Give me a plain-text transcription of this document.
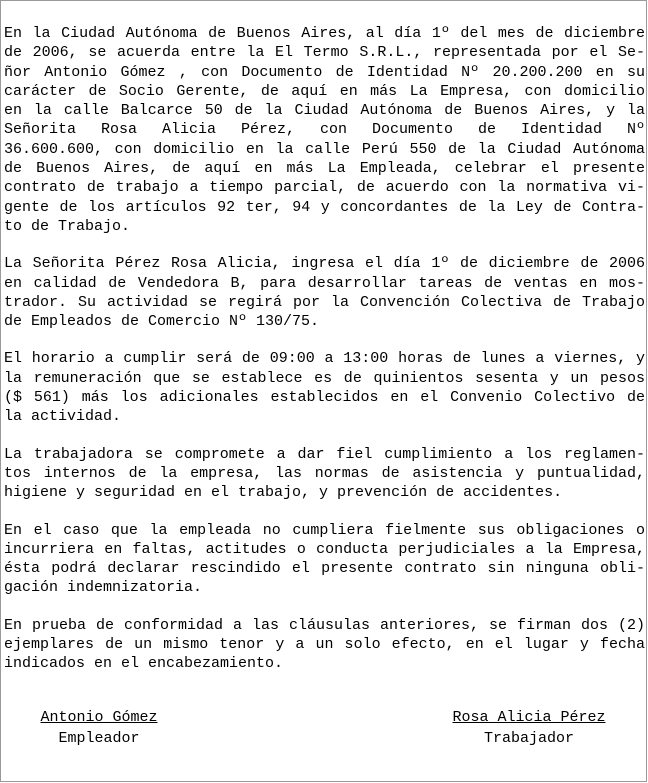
En la Ciudad Autónoma de Buenos Aires, al día 1º del mes de diciembre
de 2006, se acuerda entre la El Termo S.R.L., representada por el Se-
ñor Antonio Gómez , con Documento de Identidad Nº 20.200.200 en su
carácter de Socio Gerente, de aquí en más La Empresa, con domicilio
en la calle Balcarce 50 de la Ciudad Autónoma de Buenos Aires, y la
Señorita Rosa Alicia Pérez, con Documento de Identidad Nº
36.600.600, con domicilio en la calle Perú 550 de la Ciudad Autónoma
de Buenos Aires, de aquí en más La Empleada, celebrar el presente
contrato de trabajo a tiempo parcial, de acuerdo con la normativa vi-
gente de los artículos 92 ter, 94 y concordantes de la Ley de Contra-
to de Trabajo.

La Señorita Pérez Rosa Alicia, ingresa el día 1º de diciembre de 2006
en calidad de Vendedora B, para desarrollar tareas de ventas en mos-
trador. Su actividad se regirá por la Convención Colectiva de Trabajo
de Empleados de Comercio Nº 130/75.

El horario a cumplir será de 09:00 a 13:00 horas de lunes a viernes, y
la remuneración que se establece es de quinientos sesenta y un pesos
($ 561) más los adicionales establecidos en el Convenio Colectivo de
la actividad.

La trabajadora se compromete a dar fiel cumplimiento a los reglamen-
tos internos de la empresa, las normas de asistencia y puntualidad,
higiene y seguridad en el trabajo, y prevención de accidentes.

En el caso que la empleada no cumpliera fielmente sus obligaciones o
incurriera en faltas, actitudes o conducta perjudiciales a la Empresa,
ésta podrá declarar rescindido el presente contrato sin ninguna obli-
gación indemnizatoria.

En prueba de conformidad a las cláusulas anteriores, se firman dos (2)
ejemplares de un mismo tenor y a un solo efecto, en el lugar y fecha
indicados en el encabezamiento.

Antonio Gómez
Empleador
Rosa Alicia Pérez
Trabajador
